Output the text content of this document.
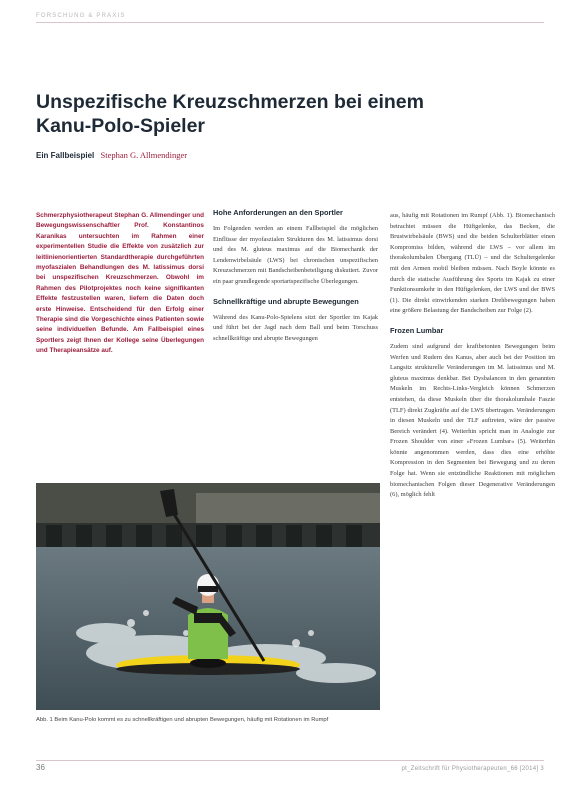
FORSCHUNG & PRAXIS
Unspezifische Kreuzschmerzen bei einem Kanu-Polo-Spieler
Ein Fallbeispiel Stephan G. Allmendinger
Schmerzphysiotherapeut Stephan G. Allmendinger und Bewegungswissenschaftler Prof. Konstantinos Karanikas untersuchten im Rahmen einer experimentellen Studie die Effekte von zusätzlich zur leitlinienorientierten Standardtherapie durchgeführten myofaszialen Behandlungen des M. latissimus dorsi bei unspezifischen Kreuzschmerzen. Obwohl im Rahmen des Pilotprojektes noch keine signifikanten Effekte festzustellen waren, liefern die Daten doch erste Hinweise. Entscheidend für den Erfolg einer Therapie sind die Vorgeschichte eines Patienten sowie seine individuellen Befunde. Am Fallbeispiel eines Sportlers zeigt Ihnen der Kollege seine Überlegungen und Therapieansätze auf.
Hohe Anforderungen an den Sportler

Im Folgenden werden an einem Fallbeispiel die möglichen Einflüsse der myofaszialen Strukturen des M. latissimus dorsi und des M. gluteus maximus auf die Biomechanik der Lendenwirbelsäule (LWS) bei chronischen unspezifischen Kreuzschmerzen mit Bandscheibenbeteiligung diskutiert. Zuvor ein paar grundlegende sportartspezifische Überlegungen.

Schnellkräftige und abrupte Bewegungen

Während des Kanu-Polo-Spielens sitzt der Sportler im Kajak und führt bei der Jagd nach dem Ball und beim Torschuss schnellkräftige und abrupte Bewegungen

aus, häufig mit Rotationen im Rumpf (Abb. 1). Biomechanisch betrachtet müssen die Hüftgelenke, das Becken, die Brustwirbelsäule (BWS) und die beiden Schulterblätter einen Kompromiss bilden, während die LWS – vor allem im thorakolumbalen Übergang (TLÜ) – und die Schultergelenke mit den Armen mobil bleiben müssen. Nach Boyle könnte es durch die statische Ausführung des Sports im Kajak zu einer Funktionsumkehr in den Hüftgelenken, der LWS und der BWS (1). Die direkt einwirkenden starken Drehbewegungen haben eine größere Belastung der Bandscheiben zur Folge (2).

Frozen Lumbar

Zudem sind aufgrund der kraftbetonten Bewegungen beim Werfen und Rudern des Kanus, aber auch bei der Position im Langsitz strukturelle Veränderungen im M. latissimus und M. gluteus maximus denkbar. Bei Dysbalancen in den genannten Muskeln im Rechts-Links-Vergleich können Schmerzen entstehen, da diese Muskeln über die thorakolumbale Faszie (TLF) direkt Zugkräfte auf die LWS übertragen. Veränderungen in diesen Muskeln und der TLF auftreten, wäre der passive Bereich verändert (4). Weiterhin spricht man in Analogie zur Frozen Shoulder von einer »Frozen Lumbar« (5). Weiterhin könnte angenommen werden, dass dies eine erhöhte Kompression in den Segmenten bei Bewegung und zu deren Folge hat. Wenn sie entzündliche Reaktionen mit möglichen biomechanischen Folgen dieser Degenerative Veränderungen (6), möglich fehlt

Abb. 1 Beim Kanu-Polo kommt es zu schnellkräftigen und abrupten Bewegungen, häufig mit Rotationen im Rumpf
36	pt_Zeitschrift für Physiotherapeuten_66 [2014] 3
